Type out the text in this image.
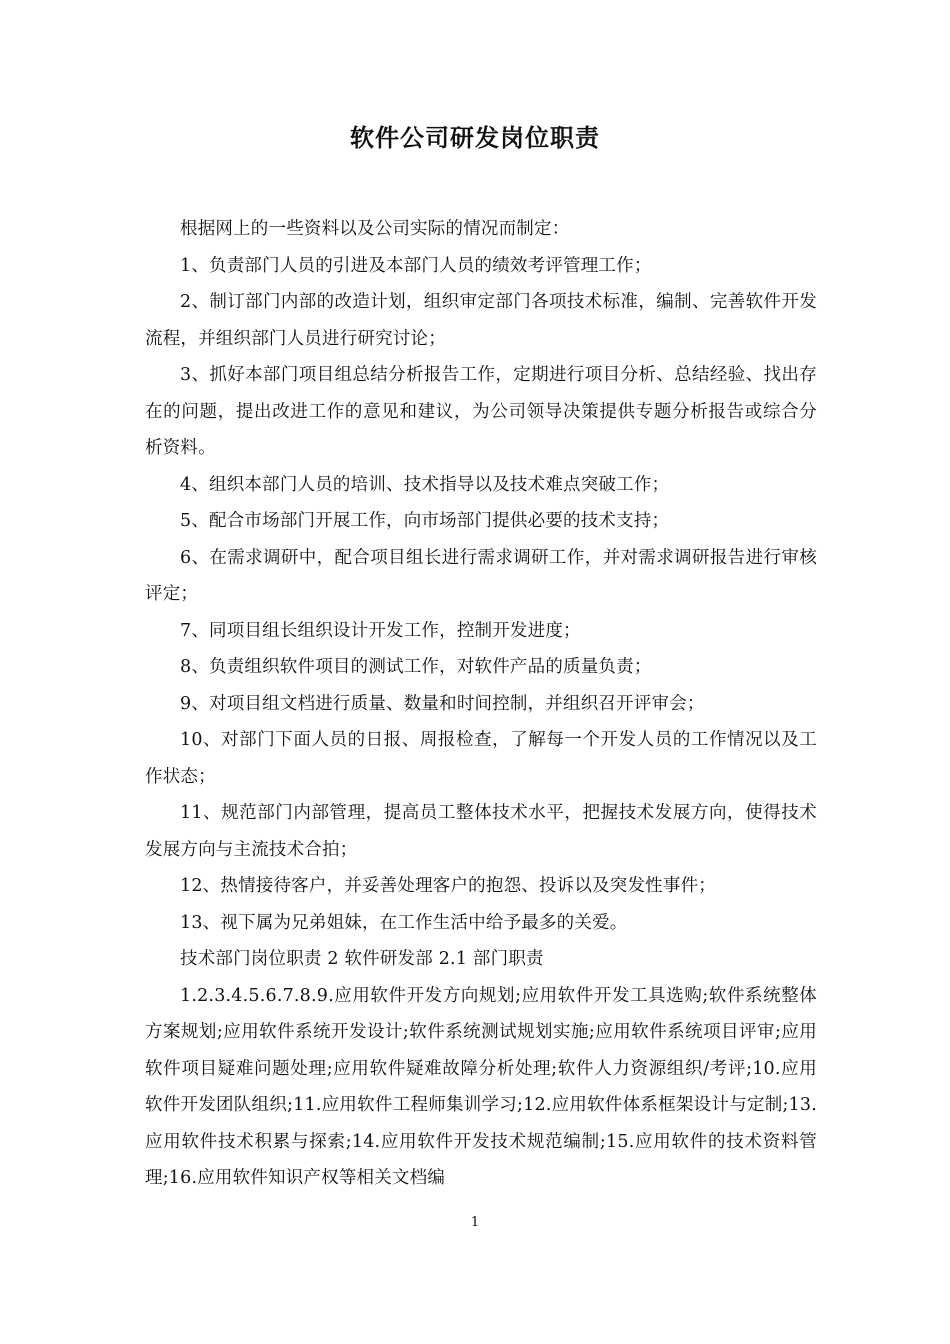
软件公司研发岗位职责

根据网上的一些资料以及公司实际的情况而制定：

1、负责部门人员的引进及本部门人员的绩效考评管理工作；

2、制订部门内部的改造计划，组织审定部门各项技术标准，编制、完善软件开发流程，并组织部门人员进行研究讨论；

3、抓好本部门项目组总结分析报告工作，定期进行项目分析、总结经验、找出存在的问题，提出改进工作的意见和建议，为公司领导决策提供专题分析报告或综合分析资料。

4、组织本部门人员的培训、技术指导以及技术难点突破工作；

5、配合市场部门开展工作，向市场部门提供必要的技术支持；

6、在需求调研中，配合项目组长进行需求调研工作，并对需求调研报告进行审核评定；

7、同项目组长组织设计开发工作，控制开发进度；

8、负责组织软件项目的测试工作，对软件产品的质量负责；

9、对项目组文档进行质量、数量和时间控制，并组织召开评审会；

10、对部门下面人员的日报、周报检查，了解每一个开发人员的工作情况以及工作状态；

11、规范部门内部管理，提高员工整体技术水平，把握技术发展方向，使得技术发展方向与主流技术合拍；

12、热情接待客户，并妥善处理客户的抱怨、投诉以及突发性事件；

13、视下属为兄弟姐妹，在工作生活中给予最多的关爱。

技术部门岗位职责 2 软件研发部 2.1 部门职责

1.2.3.4.5.6.7.8.9.应用软件开发方向规划;应用软件开发工具选购;软件系统整体方案规划;应用软件系统开发设计;软件系统测试规划实施;应用软件系统项目评审;应用软件项目疑难问题处理;应用软件疑难故障分析处理;软件人力资源组织/考评;10.应用软件开发团队组织;11.应用软件工程师集训学习;12.应用软件体系框架设计与定制;13.应用软件技术积累与探索;14.应用软件开发技术规范编制;15.应用软件的技术资料管理;16.应用软件知识产权等相关文档编

1
